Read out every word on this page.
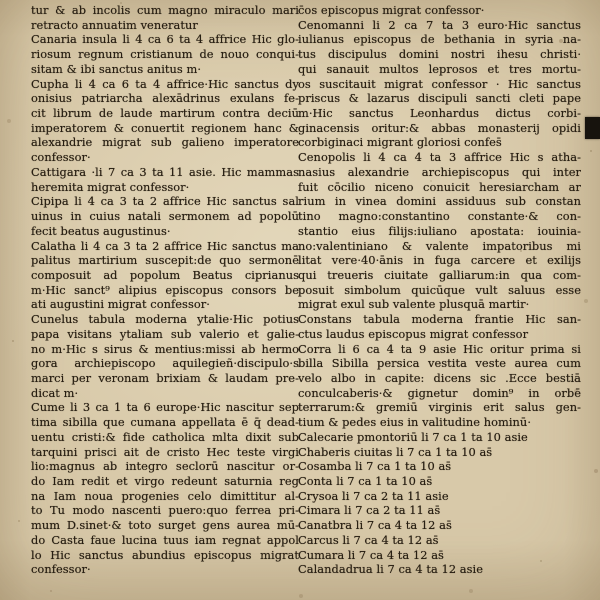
tur & ab incolis cum magno miraculo mari
retracto annuatim veneratur
Canaria insula li 4 ca 6 ta 4 affrice Hic glo-
riosum regnum cristianum de nouo conqui-
sitam & ibi sanctus anitus m·
Cupha li 4 ca 6 ta 4 affrice·Hic sanctus dy
onisius patriarcha alexādrinus exulans fe-
cit librum de laude martirum contra deciū
imperatorem & conuertit regionem hanc &
alexandrie migrat sub galieno imperatore
confessor·
Cattigara ·li 7 ca 3 ta 11 asie. Hic mammas
heremita migrat confessor·
Cipipa li 4 ca 3 ta 2 affrice Hic sanctus sal
uinus in cuius natali sermonem ad popolū
fecit beatus augustinus·
Calatha li 4 ca 3 ta 2 affrice Hic sanctus ma
palitus martirium suscepit:de quo sermonē
composuit ad popolum Beatus ciprianus
m·Hic sanct⁹ alipius episcopus consors be
ati augustini migrat confessor·
Cunelus tabula moderna ytalie·Hic potius
papa visitans ytaliam sub valerio et galie-
no m·Hic s sirus & mentius:missi ab hermo
gora archiepiscopo aquilegieñ·discipulo·s
marci per veronam brixiam & laudam pre-
dicat m·
Cume li 3 ca 1 ta 6 europe·Hic nascitur sep
tima sibilla que cumana appellata ē q̄ dead-
uentu cristi:& fide catholica mlta dixit sub
tarquini prisci ait de cristo Hec teste virgi
lio:magnus ab integro seclorū nascitur or-
do Iam redit et virgo redeunt saturnia reg
na Iam noua progenies celo dimittitur al-
to Tu modo nascenti puero:quo ferrea pri-
mum D.sinet·& toto surget gens aurea mū-
do Casta faue lucina tuus iam regnat appol
lo Hic sanctus abundius episcopus migrat
confessor·
c̄os episcopus migrat confessor·
Cenomanni li 2 ca 7 ta 3 euro·Hic sanctus
iulianus episcopus de bethania in syria na-
tus discipulus domini nostri ihesu christi·
qui sanauit multos leprosos et tres mortu-
os suscitauit migrat confessor · Hic sanctus
priscus & lazarus discipuli sancti cleti pape
m·Hic sanctus Leonhardus dictus corbi-
ginacensis oritur:& abbas monasterij opidi
corbiginaci migrant gloriosi confes̄
Cenopolis li 4 ca 4 ta 3 affrice Hic s atha-
nasius alexandrie archiepiscopus qui inter
fuit cōcilio niceno conuicit heresiarcham ar
rium in vinea domini assiduus sub constan
tino magno:constantino constante·& con-
stantio eius filijs:iuliano apostata: iouinia-
no:valentiniano & valente impatoribus mi
litat vere·40·ānis in fuga carcere et exilijs
qui treueris ciuitate galliarum:in qua com-
posuit simbolum quicūque vult saluus esse
migrat exul sub valente plusquā martir·
Constans tabula moderna frantie Hic san-
ctus laudus episcopus migrat confessor
Corra li 6 ca 4 ta 9 asie Hic oritur prima si
billa Sibilla persica vestita veste aurea cum
velo albo in capite: dicens sic .Ecce bestiā
conculcaberis·& gignetur domin⁹ in orbē
terrarum:& gremiū virginis erit salus gen-
tium & pedes eius in valitudine hominū·
Calecarie pmontoriū li 7 ca 1 ta 10 asie
Chaberis ciuitas li 7 ca 1 ta 10 as̄
Cosamba li 7 ca 1 ta 10 as̄
Conta li 7 ca 1 ta 10 as̄
Crysoa li 7 ca 2 ta 11 asie
Cimara li 7 ca 2 ta 11 as̄
Canatbra li 7 ca 4 ta 12 as̄
Carcus li 7 ca 4 ta 12 as̄
Cumara li 7 ca 4 ta 12 as̄
Calandadrua li 7 ca 4 ta 12 asie
